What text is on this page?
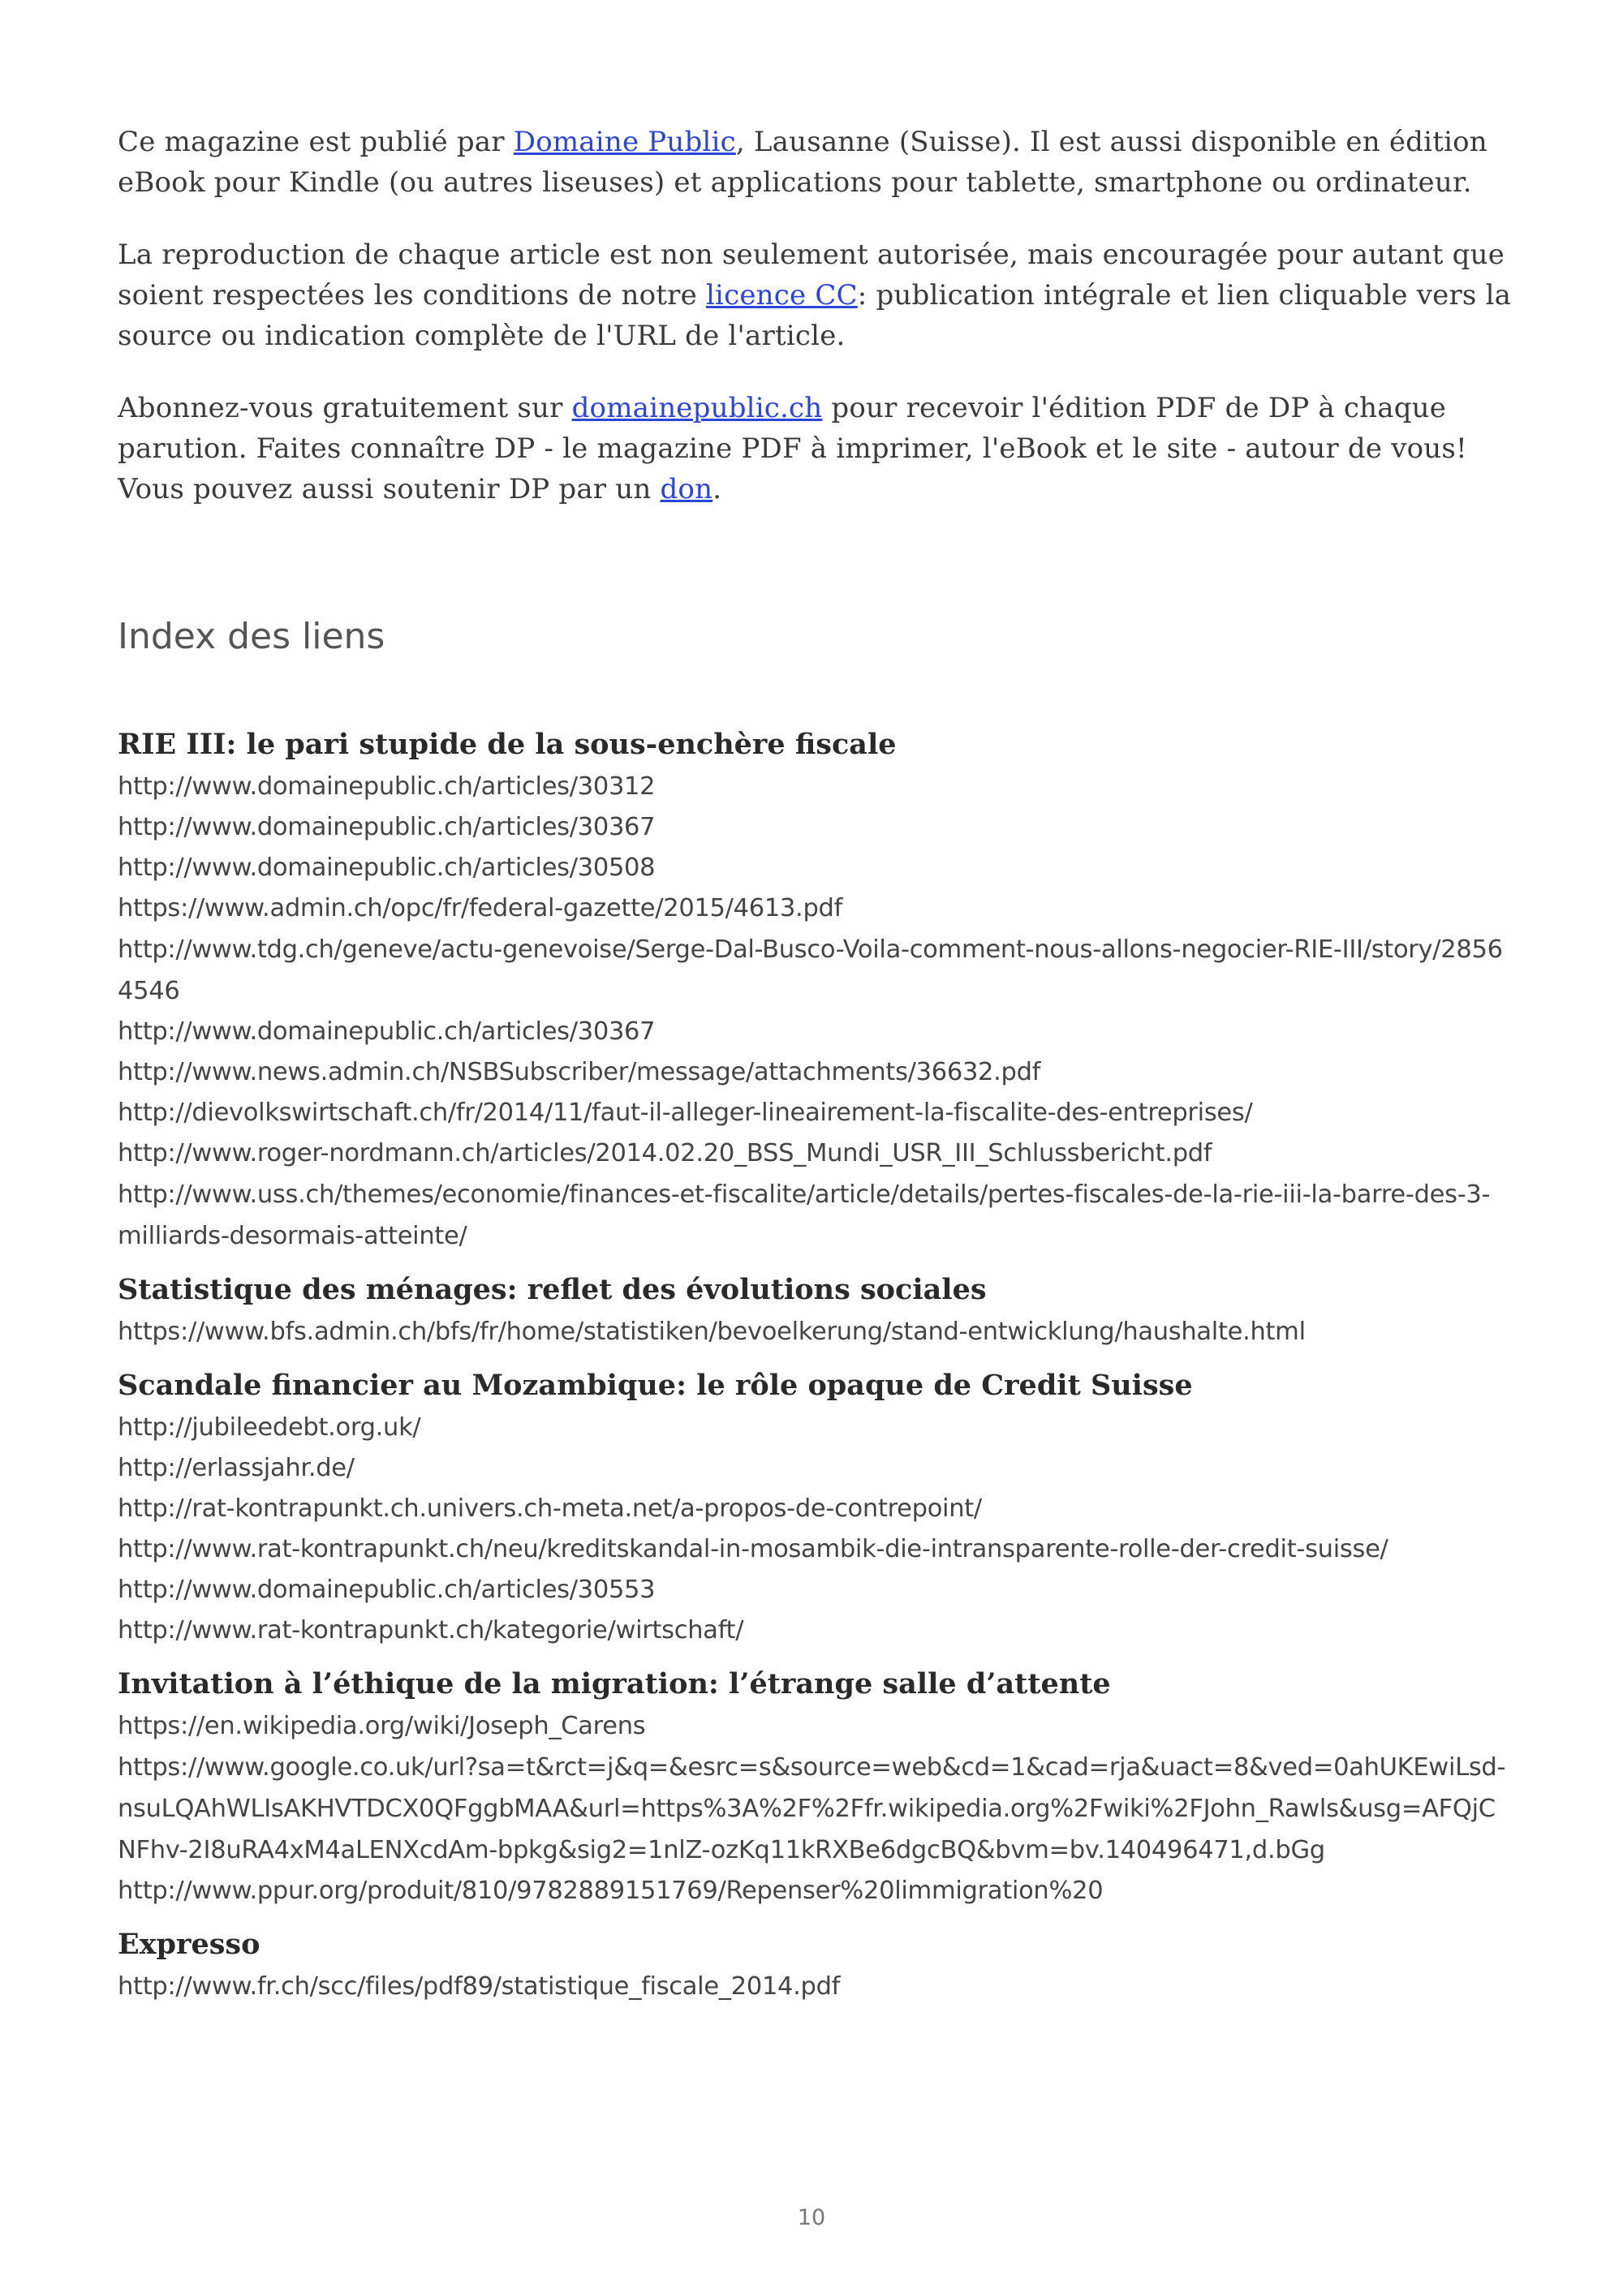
Ce magazine est publié par Domaine Public, Lausanne (Suisse). Il est aussi disponible en édition eBook pour Kindle (ou autres liseuses) et applications pour tablette, smartphone ou ordinateur.

La reproduction de chaque article est non seulement autorisée, mais encouragée pour autant que soient respectées les conditions de notre licence CC: publication intégrale et lien cliquable vers la source ou indication complète de l'URL de l'article.

Abonnez-vous gratuitement sur domainepublic.ch pour recevoir l'édition PDF de DP à chaque parution. Faites connaître DP - le magazine PDF à imprimer, l'eBook et le site - autour de vous! Vous pouvez aussi soutenir DP par un don.

Index des liens
RIE III: le pari stupide de la sous-enchère fiscale
http://www.domainepublic.ch/articles/30312
http://www.domainepublic.ch/articles/30367
http://www.domainepublic.ch/articles/30508
https://www.admin.ch/opc/fr/federal-gazette/2015/4613.pdf
http://www.tdg.ch/geneve/actu-genevoise/Serge-Dal-Busco-Voila-comment-nous-allons-negocier-RIE-III/story/28564546
http://www.domainepublic.ch/articles/30367
http://www.news.admin.ch/NSBSubscriber/message/attachments/36632.pdf
http://dievolkswirtschaft.ch/fr/2014/11/faut-il-alleger-lineairement-la-fiscalite-des-entreprises/
http://www.roger-nordmann.ch/articles/2014.02.20_BSS_Mundi_USR_III_Schlussbericht.pdf
http://www.uss.ch/themes/economie/finances-et-fiscalite/article/details/pertes-fiscales-de-la-rie-iii-la-barre-des-3-milliards-desormais-atteinte/
Statistique des ménages: reflet des évolutions sociales
https://www.bfs.admin.ch/bfs/fr/home/statistiken/bevoelkerung/stand-entwicklung/haushalte.html
Scandale financier au Mozambique: le rôle opaque de Credit Suisse
http://jubileedebt.org.uk/
http://erlassjahr.de/
http://rat-kontrapunkt.ch.univers.ch-meta.net/a-propos-de-contrepoint/
http://www.rat-kontrapunkt.ch/neu/kreditskandal-in-mosambik-die-intransparente-rolle-der-credit-suisse/
http://www.domainepublic.ch/articles/30553
http://www.rat-kontrapunkt.ch/kategorie/wirtschaft/
Invitation à l’éthique de la migration: l’étrange salle d’attente
https://en.wikipedia.org/wiki/Joseph_Carens
https://www.google.co.uk/url?sa=t&rct=j&q=&esrc=s&source=web&cd=1&cad=rja&uact=8&ved=0ahUKEwiLsd-nsuLQAhWLIsAKHVTDCX0QFggbMAA&url=https%3A%2F%2Ffr.wikipedia.org%2Fwiki%2FJohn_Rawls&usg=AFQjCNFhv-2I8uRA4xM4aLENXcdAm-bpkg&sig2=1nlZ-ozKq11kRXBe6dgcBQ&bvm=bv.140496471,d.bGg
http://www.ppur.org/produit/810/9782889151769/Repenser%20limmigration%20
Expresso
http://www.fr.ch/scc/files/pdf89/statistique_fiscale_2014.pdf
10
